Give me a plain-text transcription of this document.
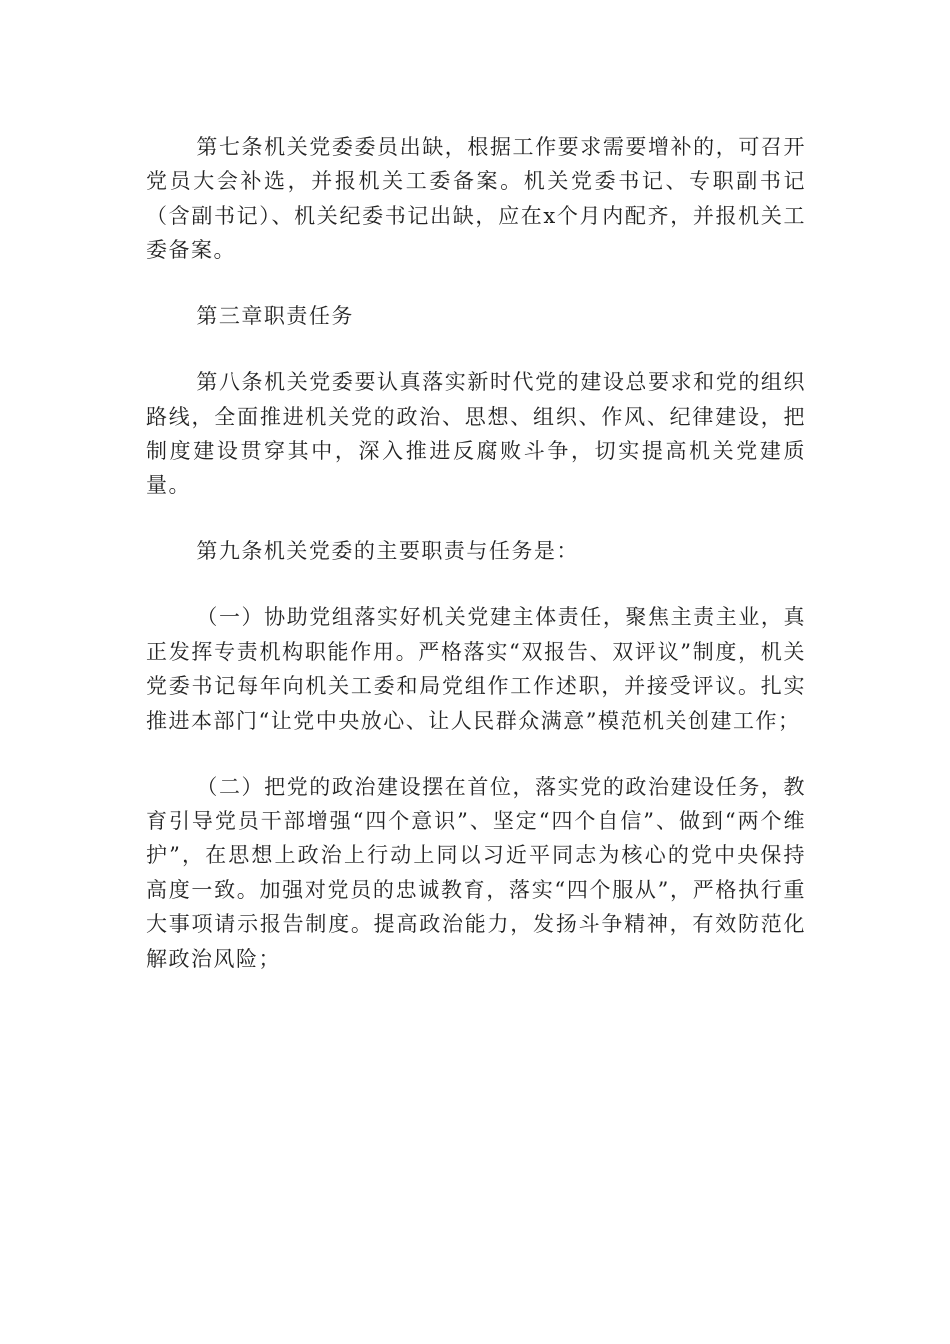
第七条机关党委委员出缺，根据工作要求需要增补的，可召开党员大会补选，并报机关工委备案。机关党委书记、专职副书记（含副书记）、机关纪委书记出缺，应在x个月内配齐，并报机关工委备案。

第三章职责任务

第八条机关党委要认真落实新时代党的建设总要求和党的组织路线，全面推进机关党的政治、思想、组织、作风、纪律建设，把制度建设贯穿其中，深入推进反腐败斗争，切实提高机关党建质量。

第九条机关党委的主要职责与任务是：

（一）协助党组落实好机关党建主体责任，聚焦主责主业，真正发挥专责机构职能作用。严格落实“双报告、双评议”制度，机关党委书记每年向机关工委和局党组作工作述职，并接受评议。扎实推进本部门“让党中央放心、让人民群众满意”模范机关创建工作；

（二）把党的政治建设摆在首位，落实党的政治建设任务，教育引导党员干部增强“四个意识”、坚定“四个自信”、做到“两个维护”，在思想上政治上行动上同以习近平同志为核心的党中央保持高度一致。加强对党员的忠诚教育，落实“四个服从”，严格执行重大事项请示报告制度。提高政治能力，发扬斗争精神，有效防范化解政治风险；
